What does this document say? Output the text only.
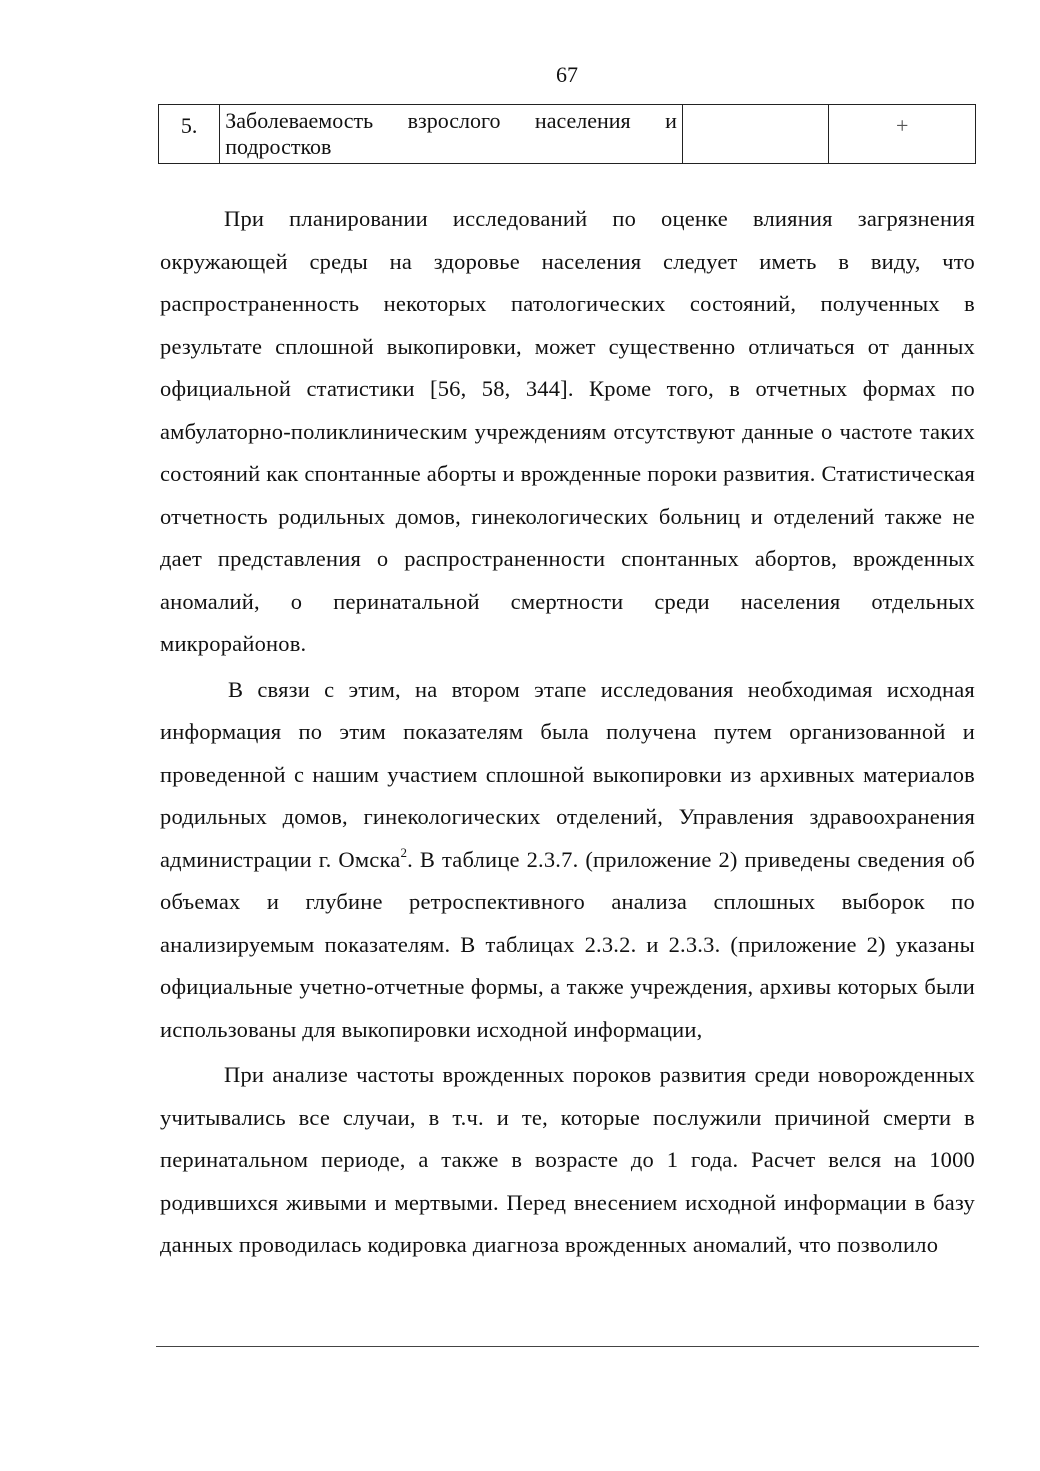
67
5.	Заболеваемость взрослого населения и подростков		+

При планировании исследований по оценке влияния загрязнения окружающей среды на здоровье населения следует иметь в виду, что распространенность некоторых патологических состояний, полученных в результате сплошной выкопировки, может существенно отличаться от данных официальной статистики [56, 58, 344]. Кроме того, в отчетных формах по амбулаторно-поликлиническим учреждениям отсутствуют данные о частоте таких состояний как спонтанные аборты и врожденные пороки развития. Статистическая отчетность родильных домов, гинекологических больниц и отделений также не дает представления о распространенности спонтанных абортов, врожденных аномалий, о перинатальной смертности среди населения отдельных микрорайонов.

В связи с этим, на втором этапе исследования необходимая исходная информация по этим показателям была получена путем организованной и проведенной с нашим участием сплошной выкопировки из архивных материалов родильных домов, гинекологических отделений, Управления здравоохранения администрации г. Омска$^2$. В таблице 2.3.7. (приложение 2) приведены сведения об объемах и глубине ретроспективного анализа сплошных выборок по анализируемым показателям. В таблицах 2.3.2. и 2.3.3. (приложение 2) указаны официальные учетно-отчетные формы, а также учреждения, архивы которых были использованы для выкопировки исходной информации,

При анализе частоты врожденных пороков развития среди новорожденных учитывались все случаи, в т.ч. и те, которые послужили причиной смерти в перинатальном периоде, а также в возрасте до 1 года. Расчет велся на 1000 родившихся живыми и мертвыми. Перед внесением исходной информации в базу данных проводилась кодировка диагноза врожденных аномалий, что позволило
